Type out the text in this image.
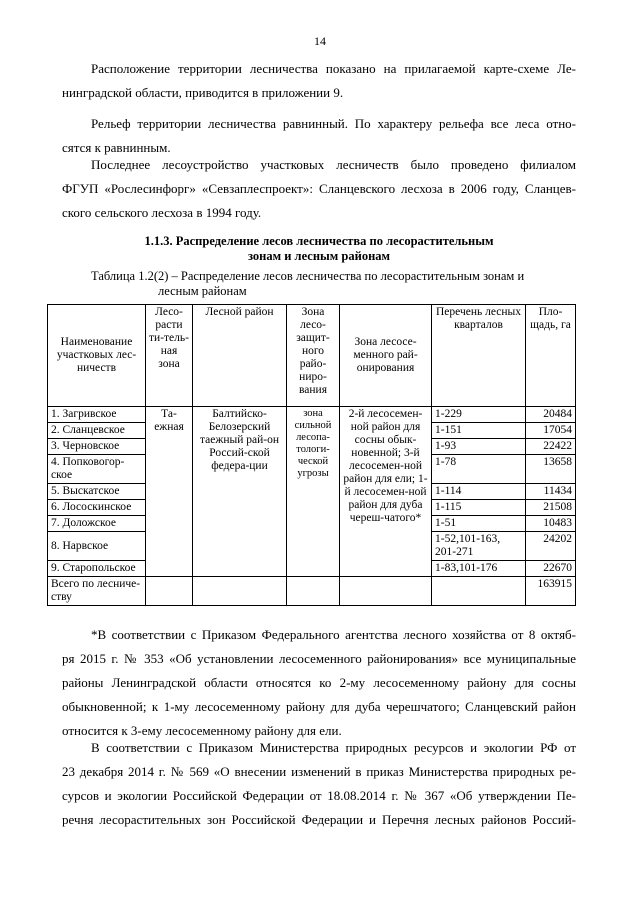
14

Расположение территории лесничества показано на прилагаемой карте-схеме Ле-
нинградской области, приводится в приложении 9.

Рельеф территории лесничества равнинный. По характеру рельефа все леса отно-
сятся к равнинным.

Последнее лесоустройство участковых лесничеств было проведено филиалом
ФГУП «Рослесинфорг» «Севзаплеспроект»: Сланцевского лесхоза в 2006 году, Сланцев-
ского сельского лесхоза в 1994 году.

1.1.3. Распределение лесов лесничества по лесорастительным
зонам и лесным районам
Таблица 1.2(2) – Распределение лесов лесничества по лесорастительным зонам и
лесным районам
Наименование участковых лес-ничеств	Лесо-расти ти-тель-ная зона	Лесной район	Зона лесо-защит-ного райо-ниро-вания	Зона лесосе-менного рай-онирования	Перечень лесных кварталов	Пло-щадь, га
1. Загривское	Та-ежная	Балтийско-Белозерский таежный рай-он Россий-ской федера-ции	зона сильной лесопа-тологи-ческой угрозы	2-й лесосемен-ной район для сосны обык-новенной; 3-й лесосемен-ной район для ели; 1-й лесосемен-ной район для дуба череш-чатого*	1-229	20484
2. Сланцевское					1-151	17054
3. Черновское					1-93	22422
4. Попковогор-ское					1-78	13658
5. Выскатское					1-114	11434
6. Лососкинское					1-115	21508
7. Доложское					1-51	10483
8. Нарвское					1-52,101-163, 201-271	24202
9. Старопольское					1-83,101-176	22670
Всего по лесниче-ству						163915

*В соответствии с Приказом Федерального агентства лесного хозяйства от 8 октяб-
ря 2015 г. № 353 «Об установлении лесосеменного районирования» все муниципальные
районы Ленинградской области относятся ко 2-му лесосеменному району для сосны
обыкновенной; к 1-му лесосеменному району для дуба черешчатого; Сланцевский район
относится к 3-ему лесосеменному району для ели.

В соответствии с Приказом Министерства природных ресурсов и экологии РФ от
23 декабря 2014 г. № 569 «О внесении изменений в приказ Министерства природных ре-
сурсов и экологии Российской Федерации от 18.08.2014 г. № 367 «Об утверждении Пе-
речня лесорастительных зон Российской Федерации и Перечня лесных районов Россий-
